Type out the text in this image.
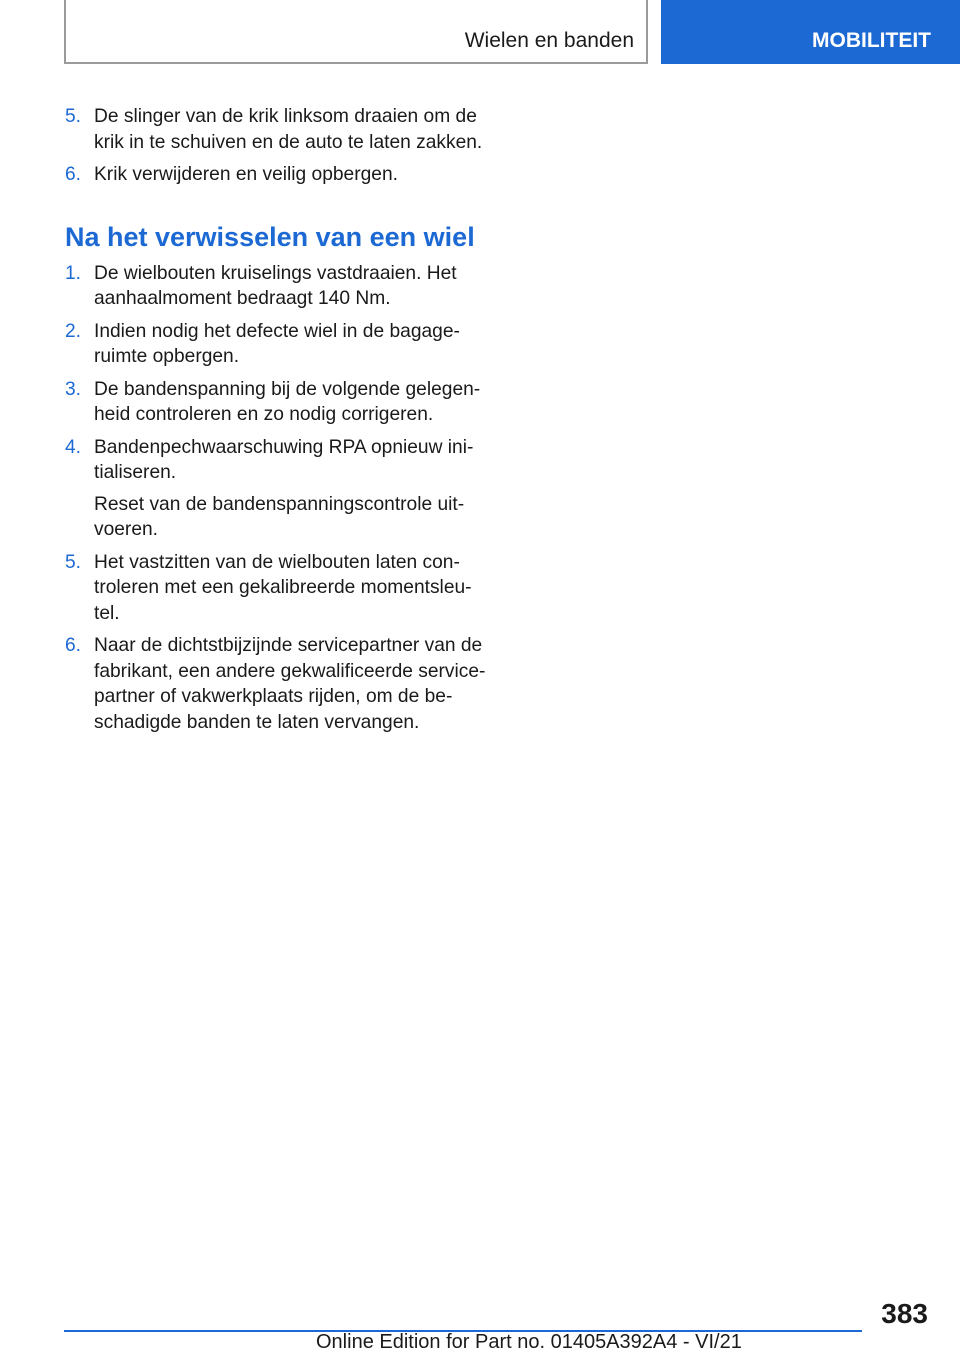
Wielen en banden	MOBILITEIT
5. De slinger van de krik linksom draaien om de
krik in te schuiven en de auto te laten zakken.
6. Krik verwijderen en veilig opbergen.
Na het verwisselen van een wiel
1. De wielbouten kruiselings vastdraaien. Het
aanhaalmoment bedraagt 140 Nm.
2. Indien nodig het defecte wiel in de bagage-
ruimte opbergen.
3. De bandenspanning bij de volgende gelegen-
heid controleren en zo nodig corrigeren.
4. Bandenpechwaarschuwing RPA opnieuw ini-
tialiseren.
Reset van de bandenspanningscontrole uit-
voeren.
5. Het vastzitten van de wielbouten laten con-
troleren met een gekalibreerde momentsleu-
tel.
6. Naar de dichtstbijzijnde servicepartner van de
fabrikant, een andere gekwalificeerde service-
partner of vakwerkplaats rijden, om de be-
schadigde banden te laten vervangen.
383
Online Edition for Part no. 01405A392A4 - VI/21
